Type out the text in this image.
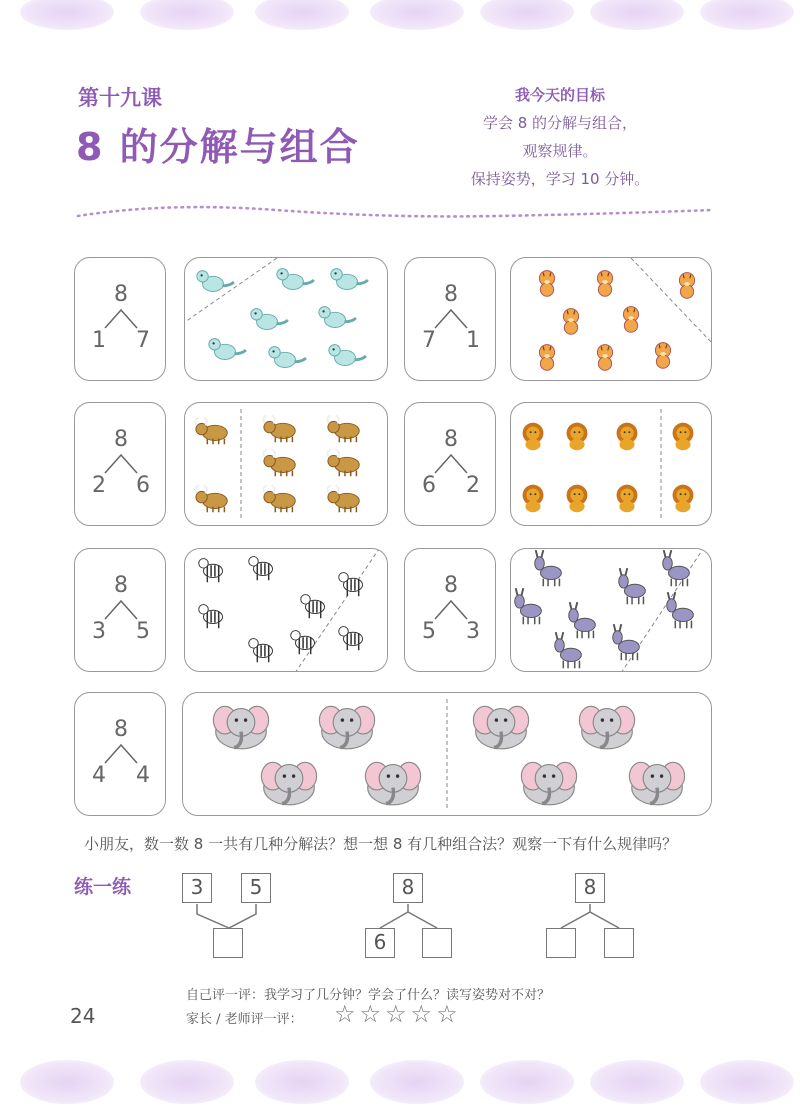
第十九课
8 的分解与组合
我今天的目标
学会 8 的分解与组合，
观察规律。
保持姿势，学习 10 分钟。
8
1	7
8
7	1
8
2	6
8
6	2
8
3	5
8
5	3
8
4	4
小朋友，数一数 8 一共有几种分解法？想一想 8 有几种组合法？观察一下有什么规律吗？
练一练	3	5	8
6
8
自己评一评：我学习了几分钟？学会了什么？读写姿势对不对？
家长 / 老师评一评： ☆☆☆☆☆
24
